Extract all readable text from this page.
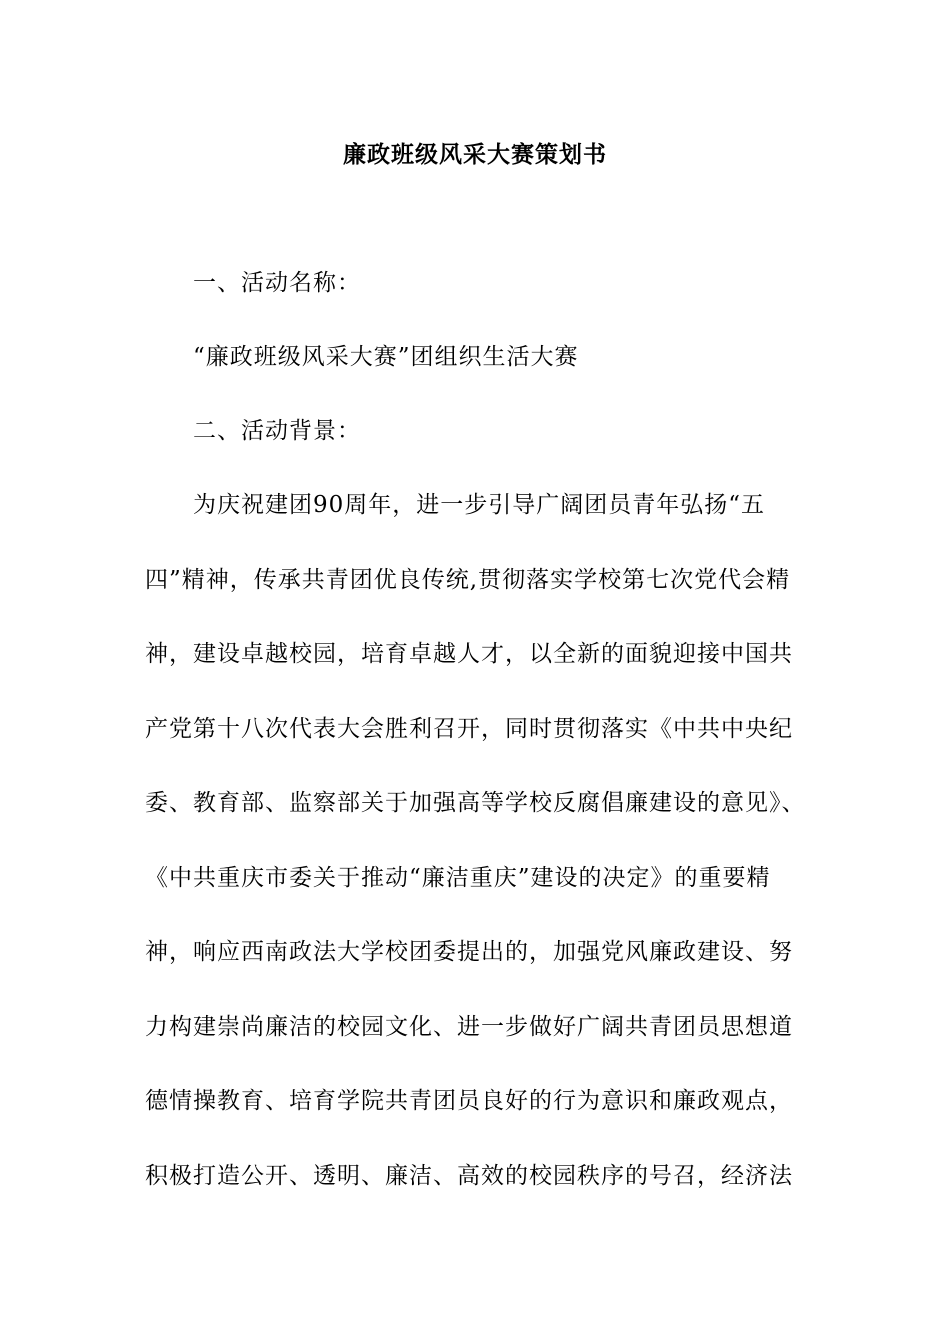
廉政班级风采大赛策划书
一、活动名称：
“廉政班级风采大赛”团组织生活大赛
二、活动背景：
为庆祝建团90周年，进一步引导广阔团员青年弘扬“五
四”精神，传承共青团优良传统,贯彻落实学校第七次党代会精
神，建设卓越校园，培育卓越人才，以全新的面貌迎接中国共
产党第十八次代表大会胜利召开，同时贯彻落实《中共中央纪
委、教育部、监察部关于加强高等学校反腐倡廉建设的意见》、
《中共重庆市委关于推动“廉洁重庆”建设的决定》的重要精
神，响应西南政法大学校团委提出的，加强党风廉政建设、努
力构建崇尚廉洁的校园文化、进一步做好广阔共青团员思想道
德情操教育、培育学院共青团员良好的行为意识和廉政观点，
积极打造公开、透明、廉洁、高效的校园秩序的号召，经济法
